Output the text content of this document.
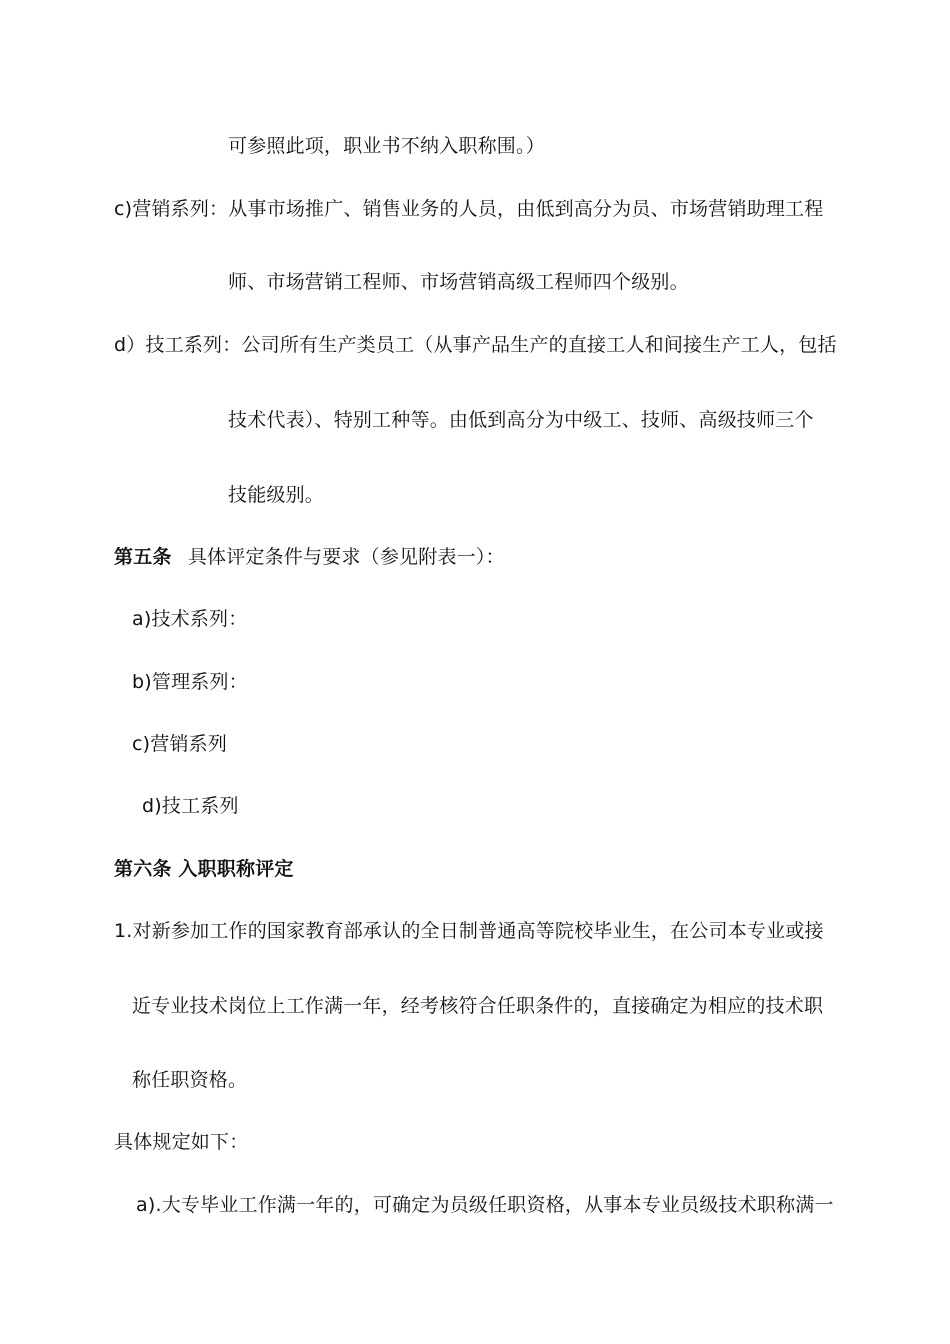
可参照此项，职业书不纳入职称围。）
c)营销系列：从事市场推广、销售业务的人员，由低到高分为员、市场营销助理工程
师、市场营销工程师、市场营销高级工程师四个级别。
d）技工系列：公司所有生产类员工（从事产品生产的直接工人和间接生产工人，包括
技术代表）、特别工种等。由低到高分为中级工、技师、高级技师三个
技能级别。
第五条 具体评定条件与要求（参见附表一）：
a)技术系列：
b)管理系列：
c)营销系列
d)技工系列
第六条 入职职称评定
1.对新参加工作的国家教育部承认的全日制普通高等院校毕业生，在公司本专业或接
近专业技术岗位上工作满一年，经考核符合任职条件的，直接确定为相应的技术职
称任职资格。
具体规定如下：
a).大专毕业工作满一年的，可确定为员级任职资格，从事本专业员级技术职称满一
